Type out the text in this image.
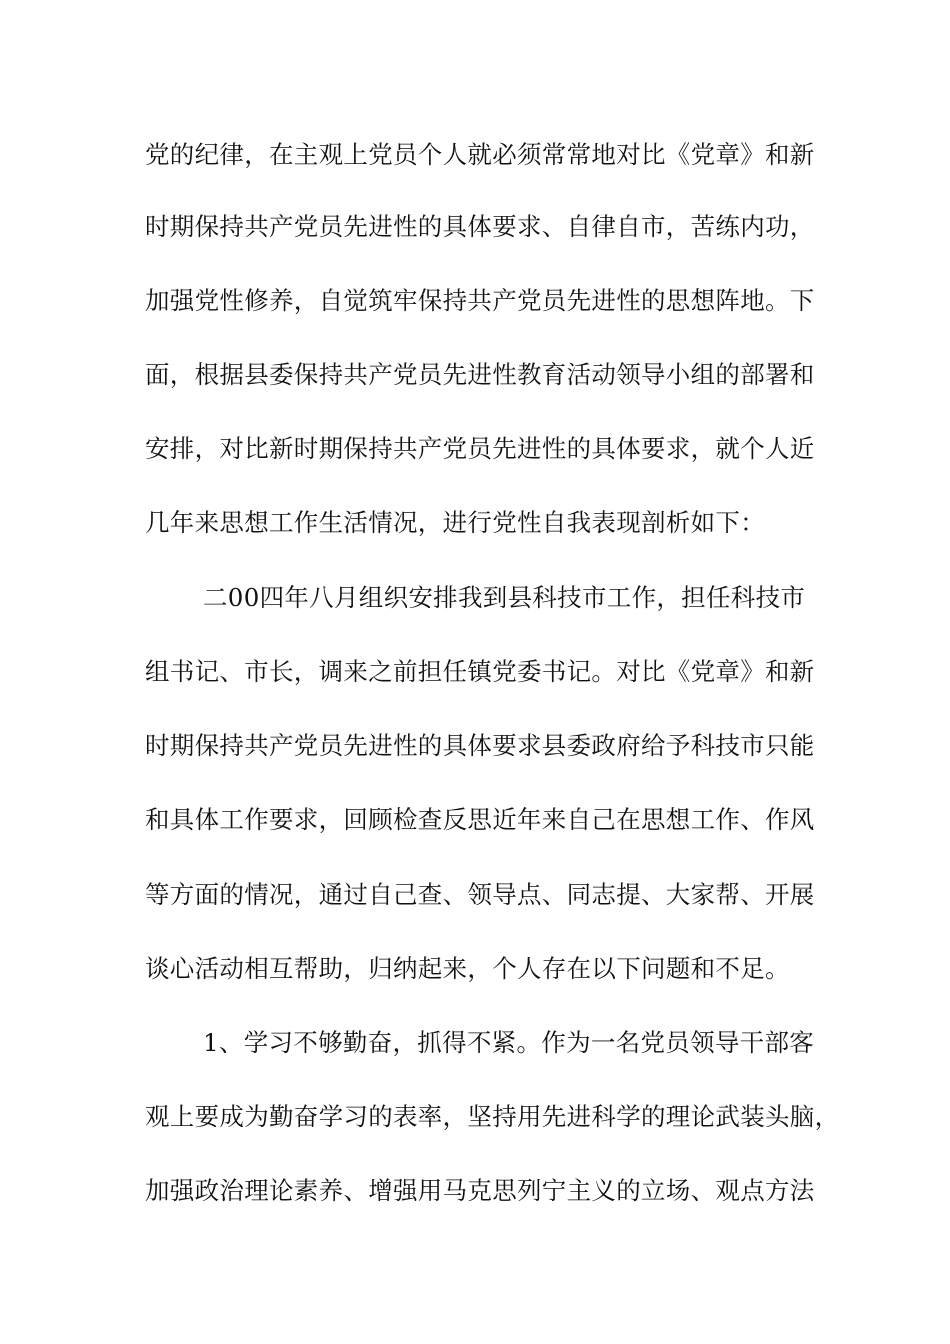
党的纪律，在主观上党员个人就必须常常地对比《党章》和新
时期保持共产党员先进性的具体要求、自律自市，苦练内功，
加强党性修养，自觉筑牢保持共产党员先进性的思想阵地。下
面，根据县委保持共产党员先进性教育活动领导小组的部署和
安排，对比新时期保持共产党员先进性的具体要求，就个人近
几年来思想工作生活情况，进行党性自我表现剖析如下：
二00四年八月组织安排我到县科技市工作，担任科技市
组书记、市长，调来之前担任镇党委书记。对比《党章》和新
时期保持共产党员先进性的具体要求县委政府给予科技市只能
和具体工作要求，回顾检查反思近年来自己在思想工作、作风
等方面的情况，通过自己查、领导点、同志提、大家帮、开展
谈心活动相互帮助，归纳起来，个人存在以下问题和不足。
1、学习不够勤奋，抓得不紧。作为一名党员领导干部客
观上要成为勤奋学习的表率，坚持用先进科学的理论武装头脑，
加强政治理论素养、增强用马克思列宁主义的立场、观点方法
